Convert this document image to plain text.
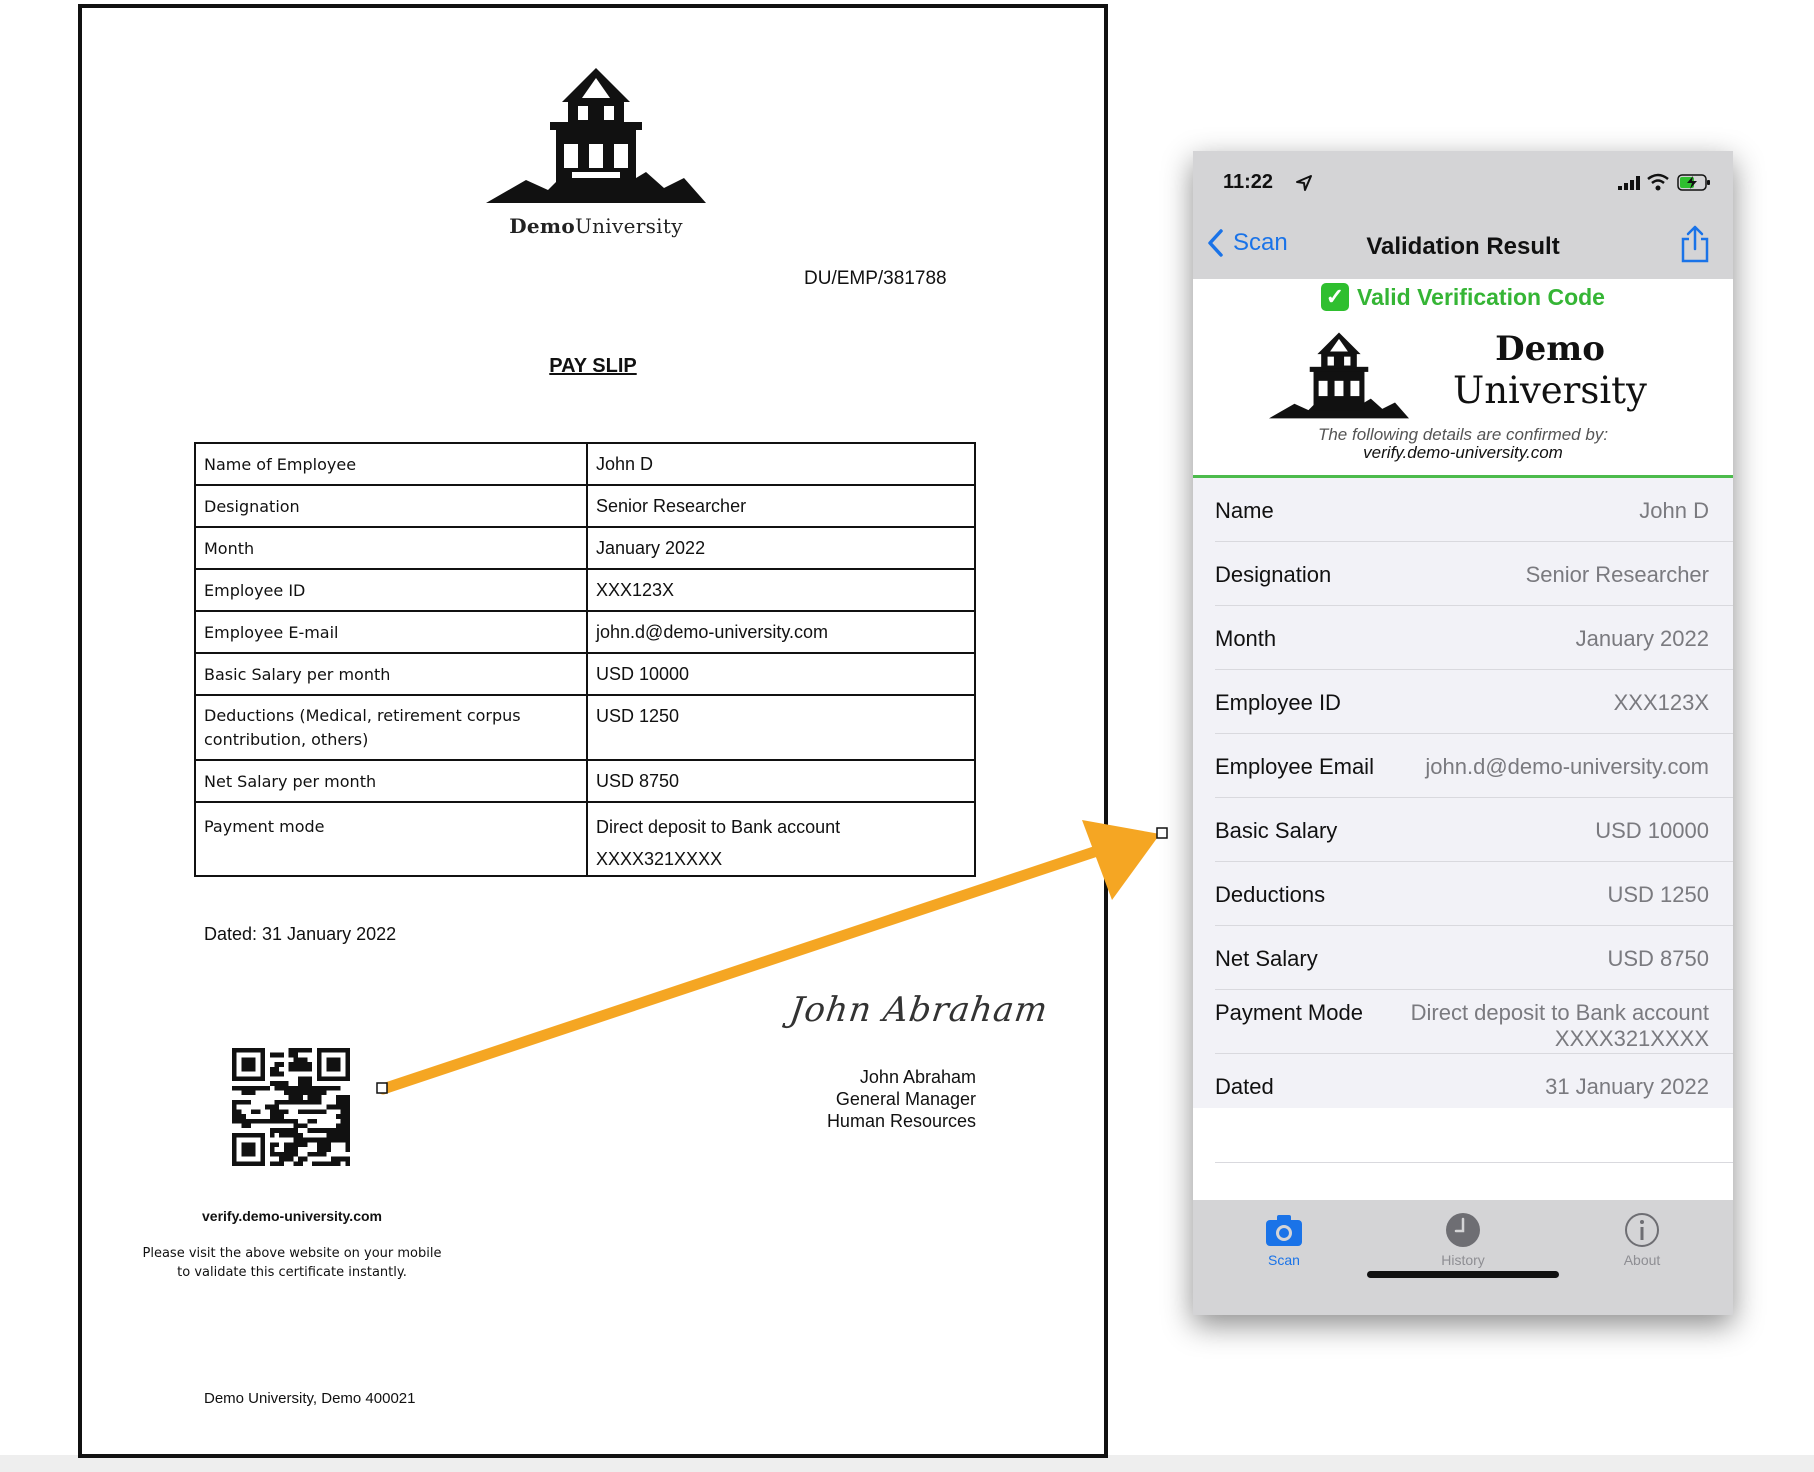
DemoUniversity
DU/EMP/381788
PAY SLIP
Name of Employee	John D
Designation	Senior Researcher
Month	January 2022
Employee ID	XXX123X
Employee E-mail	john.d@demo-university.com
Basic Salary per month	USD 10000
Deductions (Medical, retirement corpus contribution, others)	USD 1250
Net Salary per month	USD 8750
Payment mode	Direct deposit to Bank account XXXX321XXXX
Dated: 31 January 2022
John Abraham
John Abraham
General Manager
Human Resources
verify.demo-university.com
Please visit the above website on your mobile to validate this certificate instantly.
Demo University, Demo 400021
11:22
Scan	Validation Result
✓ Valid Verification Code
Demo
University
The following details are confirmed by:
verify.demo-university.com
Name	John D
Designation	Senior Researcher
Month	January 2022
Employee ID	XXX123X
Employee Email john.d@demo-university.com
Basic Salary	USD 10000
Deductions	USD 1250
Net Salary	USD 8750
Payment Mode	Direct deposit to Bank account XXXX321XXXX
Dated	31 January 2022
Scan	History	About
